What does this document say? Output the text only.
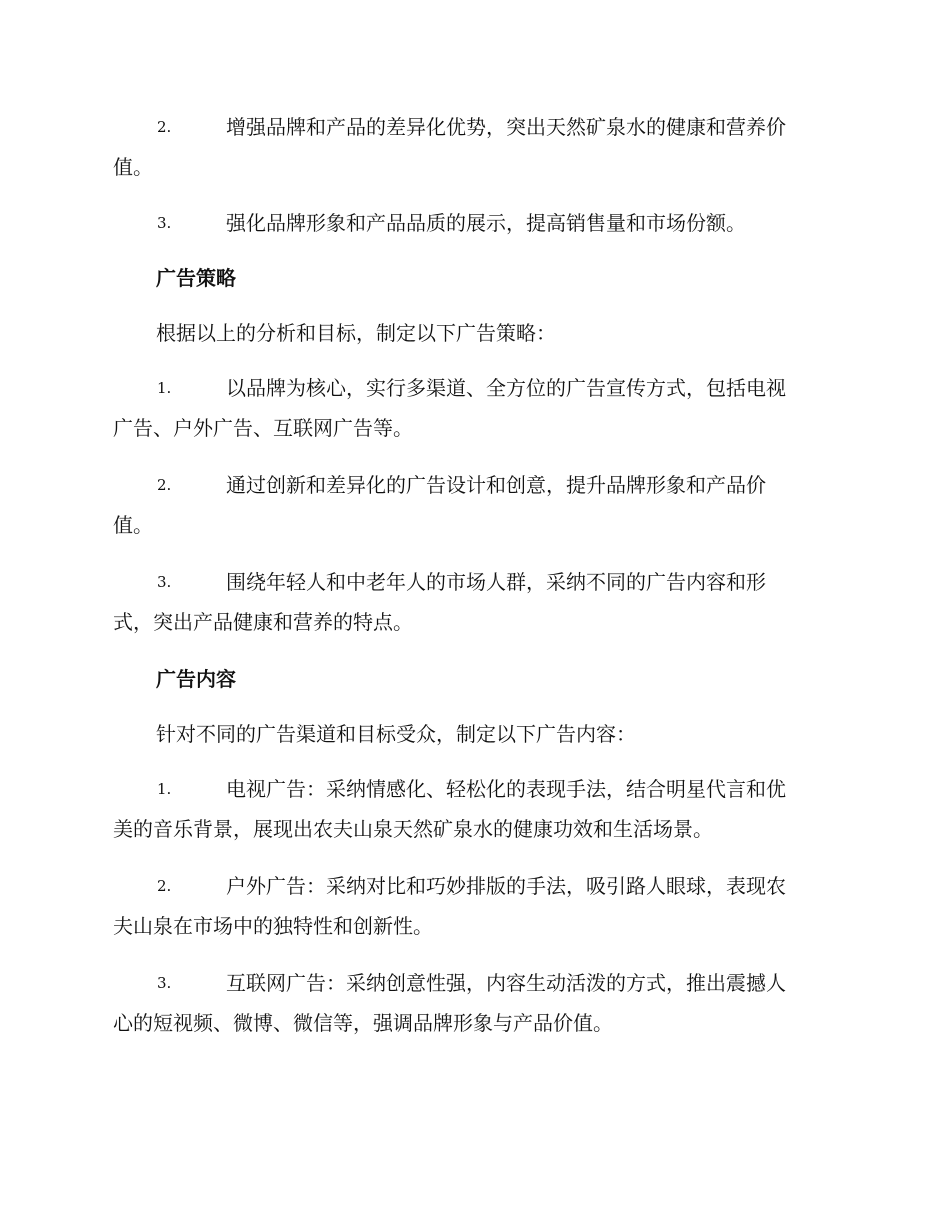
2.	增强品牌和产品的差异化优势，突出天然矿泉水的健康和营养价
值。
3.	强化品牌形象和产品品质的展示，提高销售量和市场份额。
广告策略
根据以上的分析和目标，制定以下广告策略：
1.	以品牌为核心，实行多渠道、全方位的广告宣传方式，包括电视
广告、户外广告、互联网广告等。
2.	通过创新和差异化的广告设计和创意，提升品牌形象和产品价
值。
3.	围绕年轻人和中老年人的市场人群，采纳不同的广告内容和形
式，突出产品健康和营养的特点。
广告内容
针对不同的广告渠道和目标受众，制定以下广告内容：
1.	电视广告：采纳情感化、轻松化的表现手法，结合明星代言和优
美的音乐背景，展现出农夫山泉天然矿泉水的健康功效和生活场景。
2.	户外广告：采纳对比和巧妙排版的手法，吸引路人眼球，表现农
夫山泉在市场中的独特性和创新性。
3.	互联网广告：采纳创意性强，内容生动活泼的方式，推出震撼人
心的短视频、微博、微信等，强调品牌形象与产品价值。
